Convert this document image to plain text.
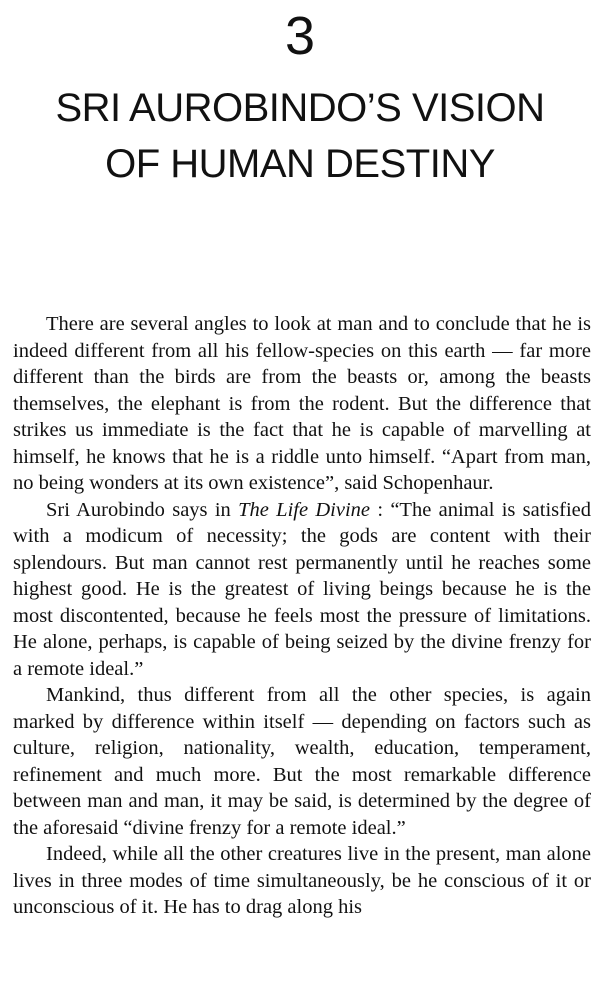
3
SRI AUROBINDO’S VISION
OF HUMAN DESTINY

There are several angles to look at man and to conclude that he is indeed different from all his fellow-species on this earth — far more different than the birds are from the beasts or, among the beasts themselves, the elephant is from the rodent. But the difference that strikes us immediate is the fact that he is capable of marvelling at himself, he knows that he is a riddle unto himself. “Apart from man, no being wonders at its own existence”, said Schopenhaur.

Sri Aurobindo says in The Life Divine : “The animal is satisfied with a modicum of necessity; the gods are content with their splendours. But man cannot rest permanently until he reaches some highest good. He is the greatest of living beings because he is the most discontented, because he feels most the pressure of limitations. He alone, perhaps, is capable of being seized by the divine frenzy for a remote ideal.”

Mankind, thus different from all the other species, is again marked by difference within itself — depending on factors such as culture, religion, nationality, wealth, education, temperament, refinement and much more. But the most remarkable difference between man and man, it may be said, is determined by the degree of the aforesaid “divine frenzy for a remote ideal.”

Indeed, while all the other creatures live in the present, man alone lives in three modes of time simultaneously, be he conscious of it or unconscious of it. He has to drag along his
